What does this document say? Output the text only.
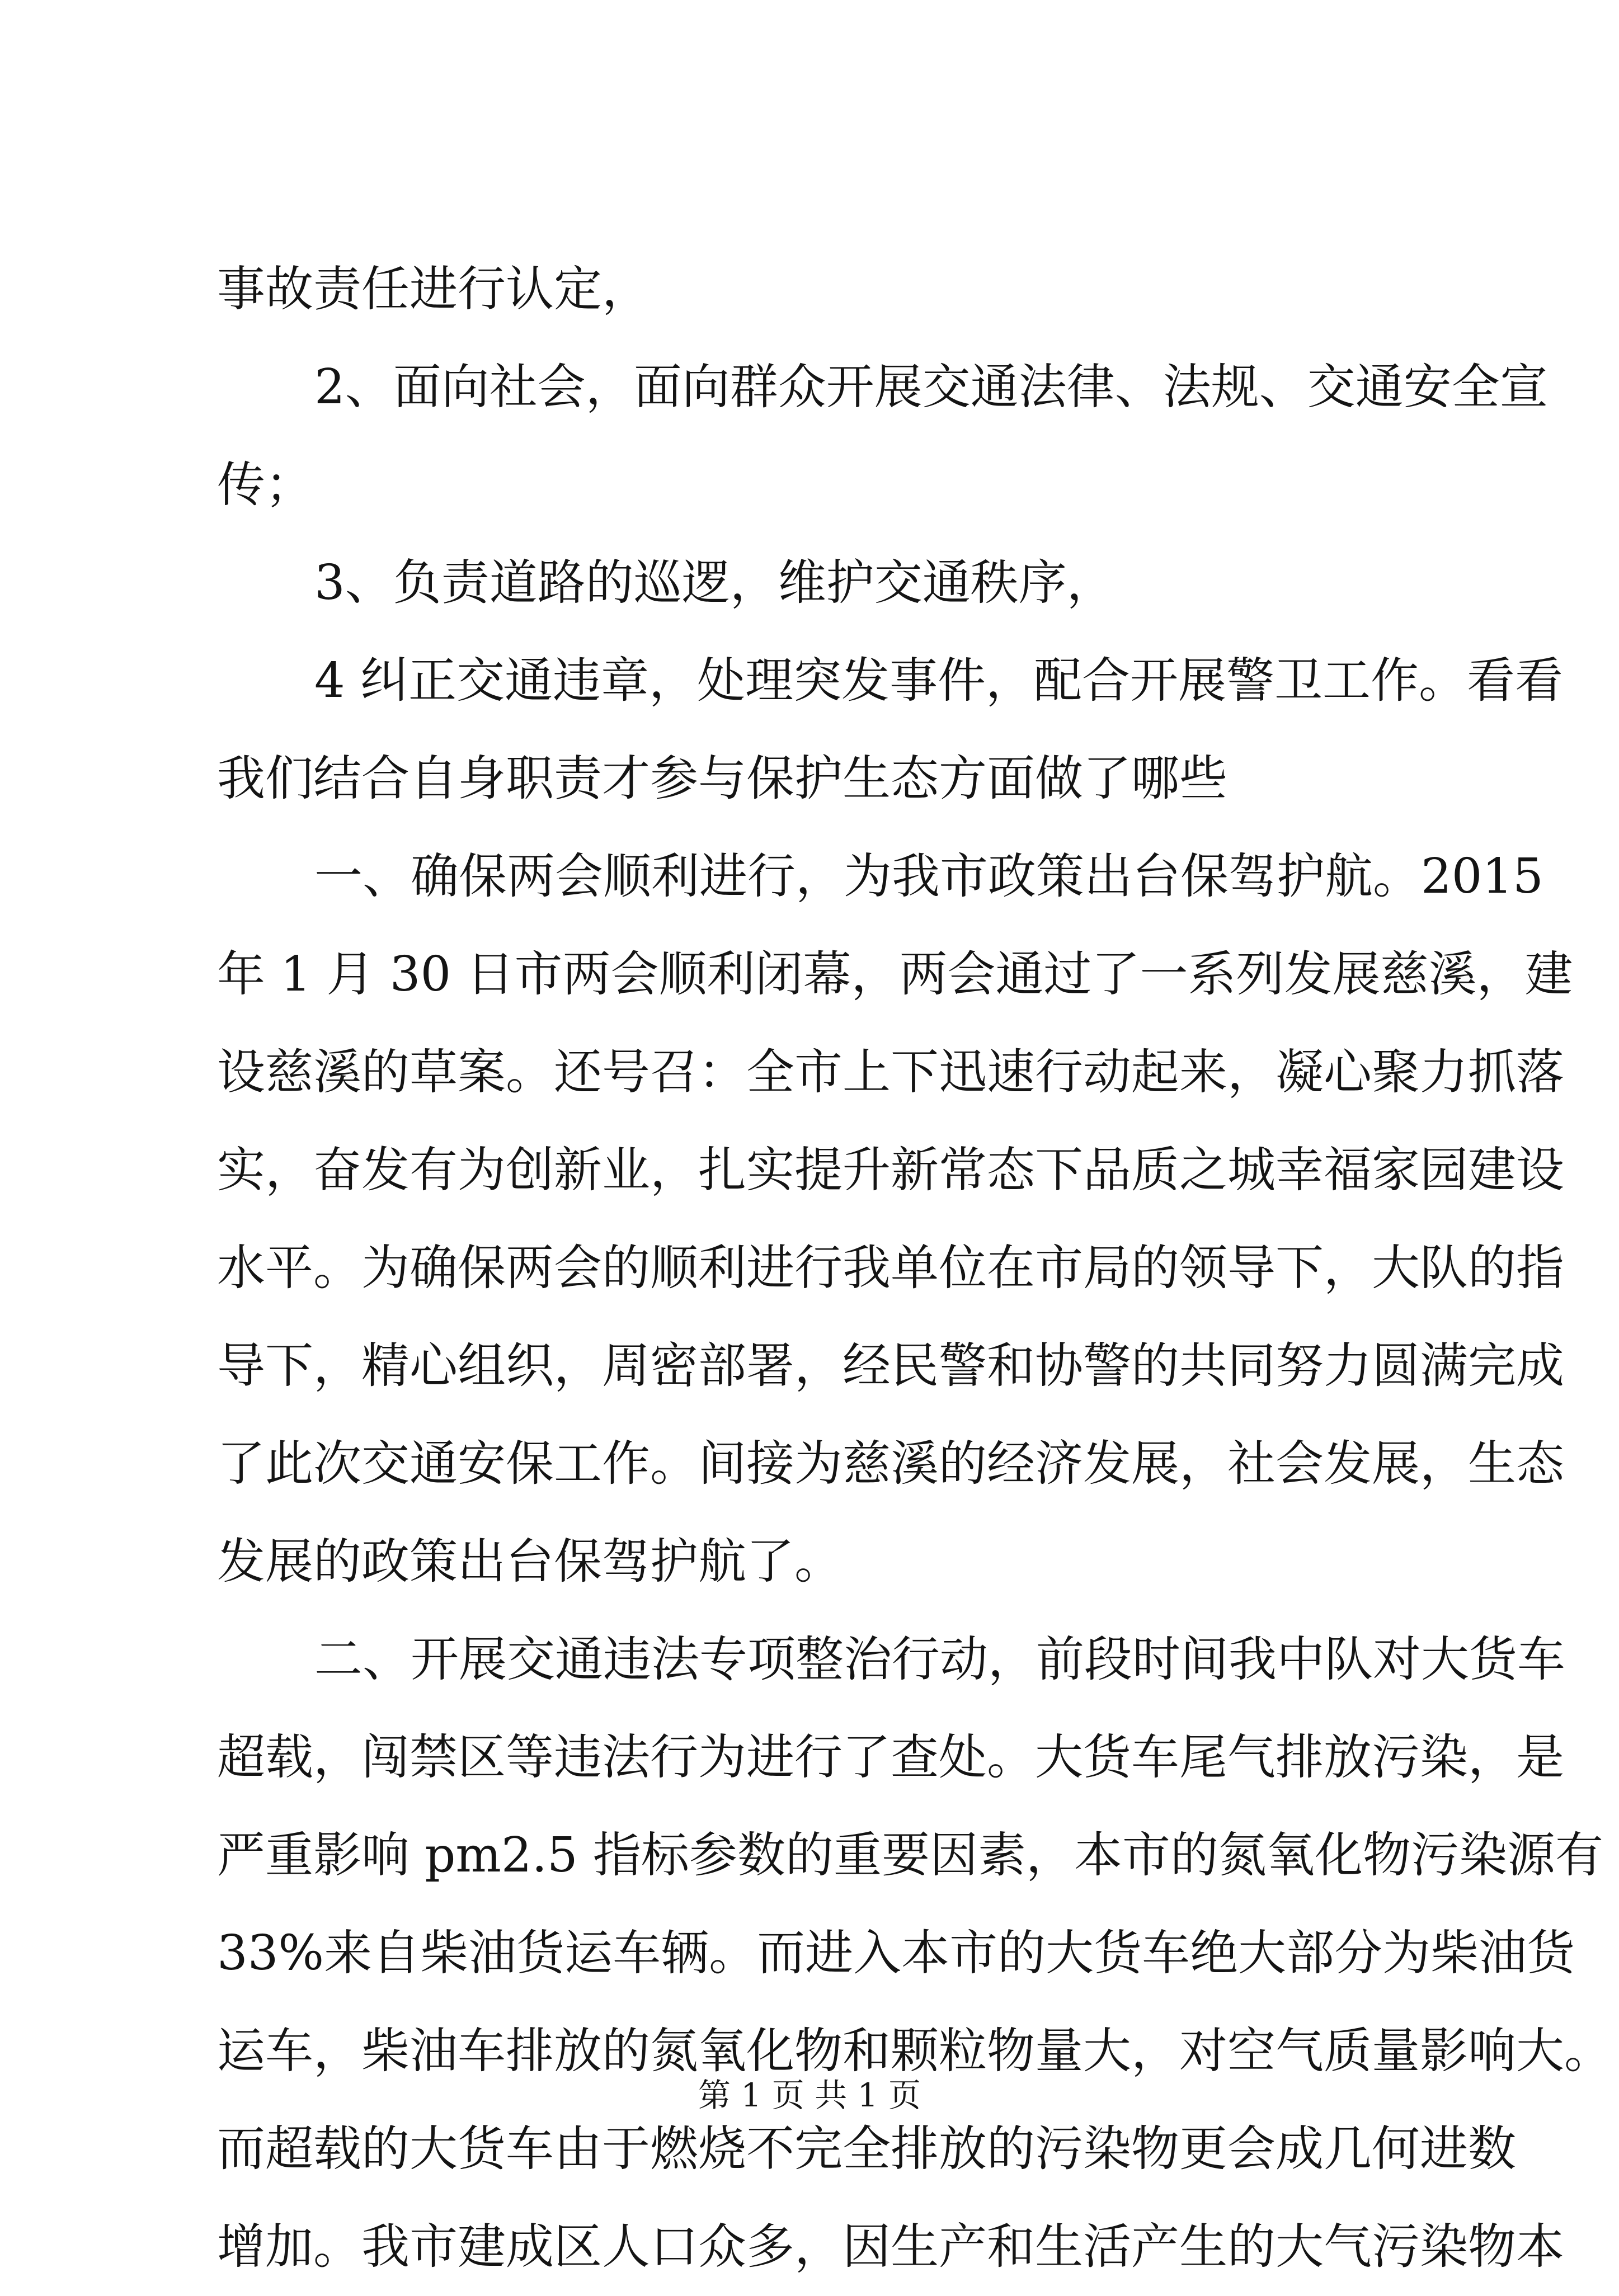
事故责任进行认定，
2、面向社会，面向群众开展交通法律、法规、交通安全宣
传；
3、负责道路的巡逻，维护交通秩序，
4 纠正交通违章，处理突发事件，配合开展警卫工作。看看
我们结合自身职责才参与保护生态方面做了哪些
一、确保两会顺利进行，为我市政策出台保驾护航。2015
年 1 月 30 日市两会顺利闭幕，两会通过了一系列发展慈溪，建
设慈溪的草案。还号召：全市上下迅速行动起来，凝心聚力抓落
实，奋发有为创新业，扎实提升新常态下品质之城幸福家园建设
水平。为确保两会的顺利进行我单位在市局的领导下，大队的指
导下，精心组织，周密部署，经民警和协警的共同努力圆满完成
了此次交通安保工作。间接为慈溪的经济发展，社会发展，生态
发展的政策出台保驾护航了。
二、开展交通违法专项整治行动，前段时间我中队对大货车
超载，闯禁区等违法行为进行了查处。大货车尾气排放污染，是
严重影响 pm2.5 指标参数的重要因素，本市的氮氧化物污染源有
33%来自柴油货运车辆。而进入本市的大货车绝大部分为柴油货
运车，柴油车排放的氮氧化物和颗粒物量大，对空气质量影响大。
而超载的大货车由于燃烧不完全排放的污染物更会成几何进数
增加。我市建成区人口众多，因生产和生活产生的大气污染物本
第 1 页 共 1 页
